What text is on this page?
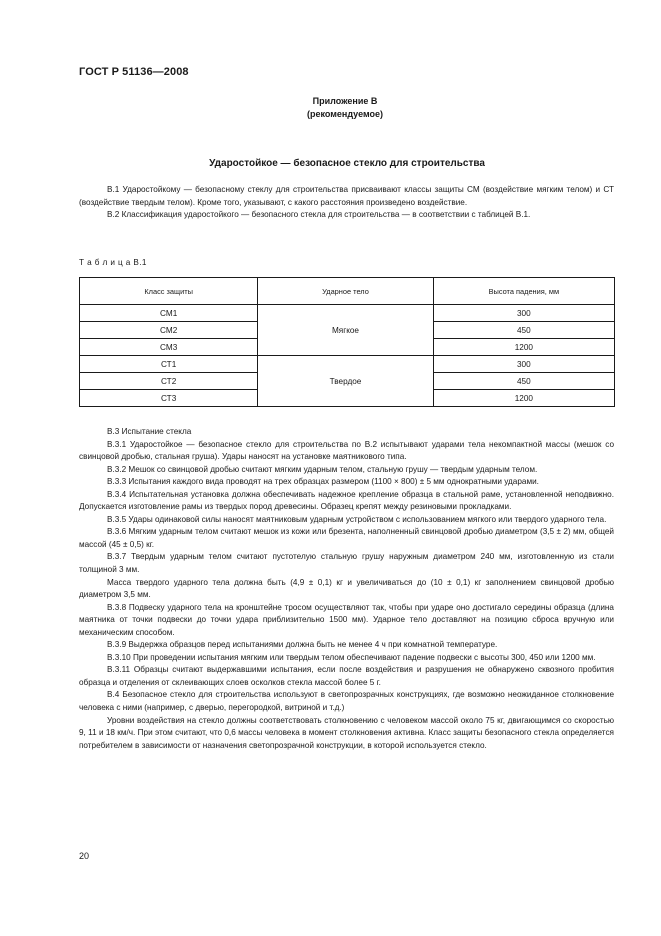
ГОСТ Р 51136—2008
Приложение В
(рекомендуемое)
Ударостойкое — безопасное стекло для строительства

В.1 Ударостойкому — безопасному стеклу для строительства присваивают классы защиты СМ (воздействие мягким телом) и СТ (воздействие твердым телом). Кроме того, указывают, с какого расстояния произведено воздействие.

В.2 Классификация ударостойкого — безопасного стекла для строительства — в соответствии с таблицей В.1.

Т а б л и ц а В.1
Класс защиты	Ударное тело	Высота падения, мм
СМ1	Мягкое	300
СМ2		450
СМ3		1200
СТ1	Твердое	300
СТ2		450
СТ3		1200

В.3 Испытание стекла

В.3.1 Ударостойкое — безопасное стекло для строительства по В.2 испытывают ударами тела некомпактной массы (мешок со свинцовой дробью, стальная груша). Удары наносят на установке маятникового типа.

В.3.2 Мешок со свинцовой дробью считают мягким ударным телом, стальную грушу — твердым ударным телом.

В.3.3 Испытания каждого вида проводят на трех образцах размером (1100 × 800) ± 5 мм однократными ударами.

В.3.4 Испытательная установка должна обеспечивать надежное крепление образца в стальной раме, установленной неподвижно. Допускается изготовление рамы из твердых пород древесины. Образец крепят между резиновыми прокладками.

В.3.5 Удары одинаковой силы наносят маятниковым ударным устройством с использованием мягкого или твердого ударного тела.

В.3.6 Мягким ударным телом считают мешок из кожи или брезента, наполненный свинцовой дробью диаметром (3,5 ± 2) мм, общей массой (45 ± 0,5) кг.

В.3.7 Твердым ударным телом считают пустотелую стальную грушу наружным диаметром 240 мм, изготовленную из стали толщиной 3 мм.

Масса твердого ударного тела должна быть (4,9 ± 0,1) кг и увеличиваться до (10 ± 0,1) кг заполнением свинцовой дробью диаметром 3,5 мм.

В.3.8 Подвеску ударного тела на кронштейне тросом осуществляют так, чтобы при ударе оно достигало середины образца (длина маятника от точки подвески до точки удара приблизительно 1500 мм). Ударное тело доставляют на позицию сброса вручную или механическим способом.

В.3.9 Выдержка образцов перед испытаниями должна быть не менее 4 ч при комнатной температуре.

В.3.10 При проведении испытания мягким или твердым телом обеспечивают падение подвески с высоты 300, 450 или 1200 мм.

В.3.11 Образцы считают выдержавшими испытания, если после воздействия и разрушения не обнаружено сквозного пробития образца и отделения от склеивающих слоев осколков стекла массой более 5 г.

В.4 Безопасное стекло для строительства используют в светопрозрачных конструкциях, где возможно неожиданное столкновение человека с ними (например, с дверью, перегородкой, витриной и т.д.)

Уровни воздействия на стекло должны соответствовать столкновению с человеком массой около 75 кг, двигающимся со скоростью 9, 11 и 18 км/ч. При этом считают, что 0,6 массы человека в момент столкновения активна. Класс защиты безопасного стекла определяется потребителем в зависимости от назначения светопрозрачной конструкции, в которой используется стекло.

20
